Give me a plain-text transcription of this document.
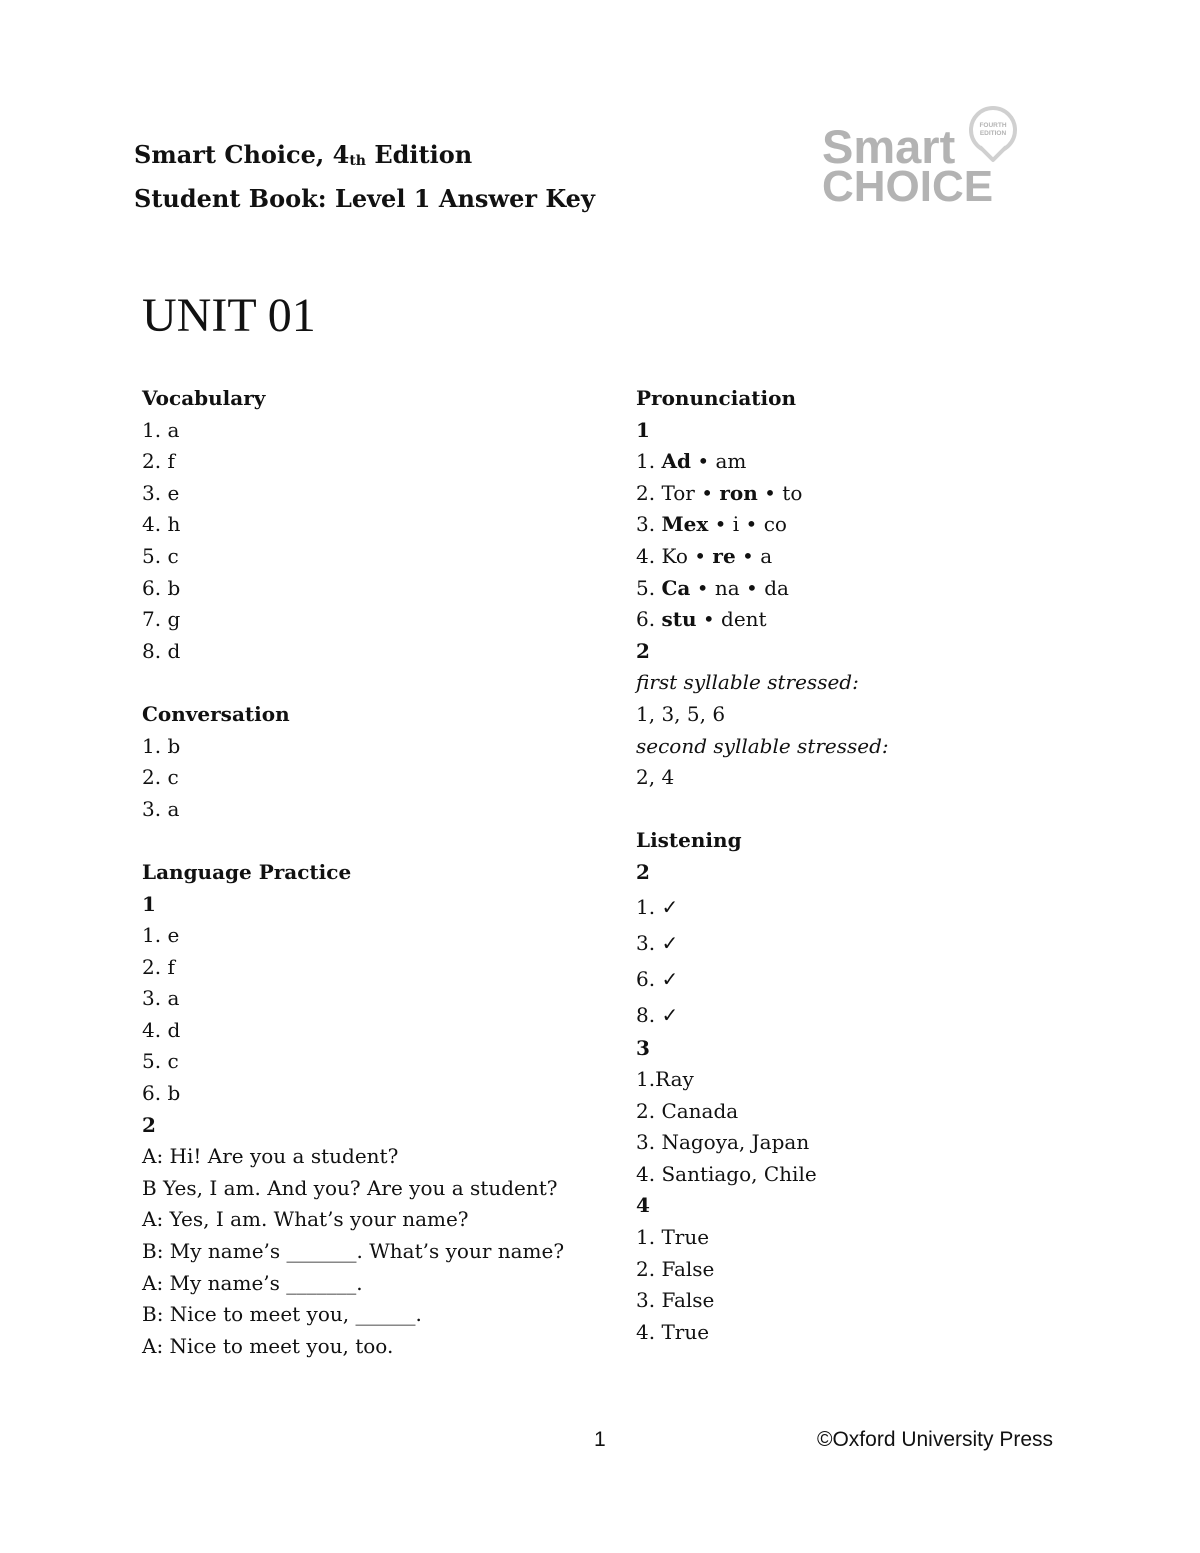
Smart Choice, 4th Edition
Student Book: Level 1 Answer Key
FOURTH
EDITION
Smart
CHOICE
UNIT 01
Vocabulary
1. a
2. f
3. e
4. h
5. c
6. b
7. g
8. d
Conversation
1. b
2. c
3. a
Language Practice
1
1. e
2. f
3. a
4. d
5. c
6. b
2
A: Hi! Are you a student?
B Yes, I am. And you? Are you a student?
A: Yes, I am. What’s your name?
B: My name’s _______. What’s your name?
A: My name’s _______.
B: Nice to meet you, ______.
A: Nice to meet you, too.
Pronunciation
1
1. Ad • am
2. Tor • ron • to
3. Mex • i • co
4. Ko • re • a
5. Ca • na • da
6. stu • dent
2
first syllable stressed:
1, 3, 5, 6
second syllable stressed:
2, 4
Listening
2
1. ✓
3. ✓
6. ✓
8. ✓
3
1.Ray
2. Canada
3. Nagoya, Japan
4. Santiago, Chile
4
1. True
2. False
3. False
4. True
1	©Oxford University Press
